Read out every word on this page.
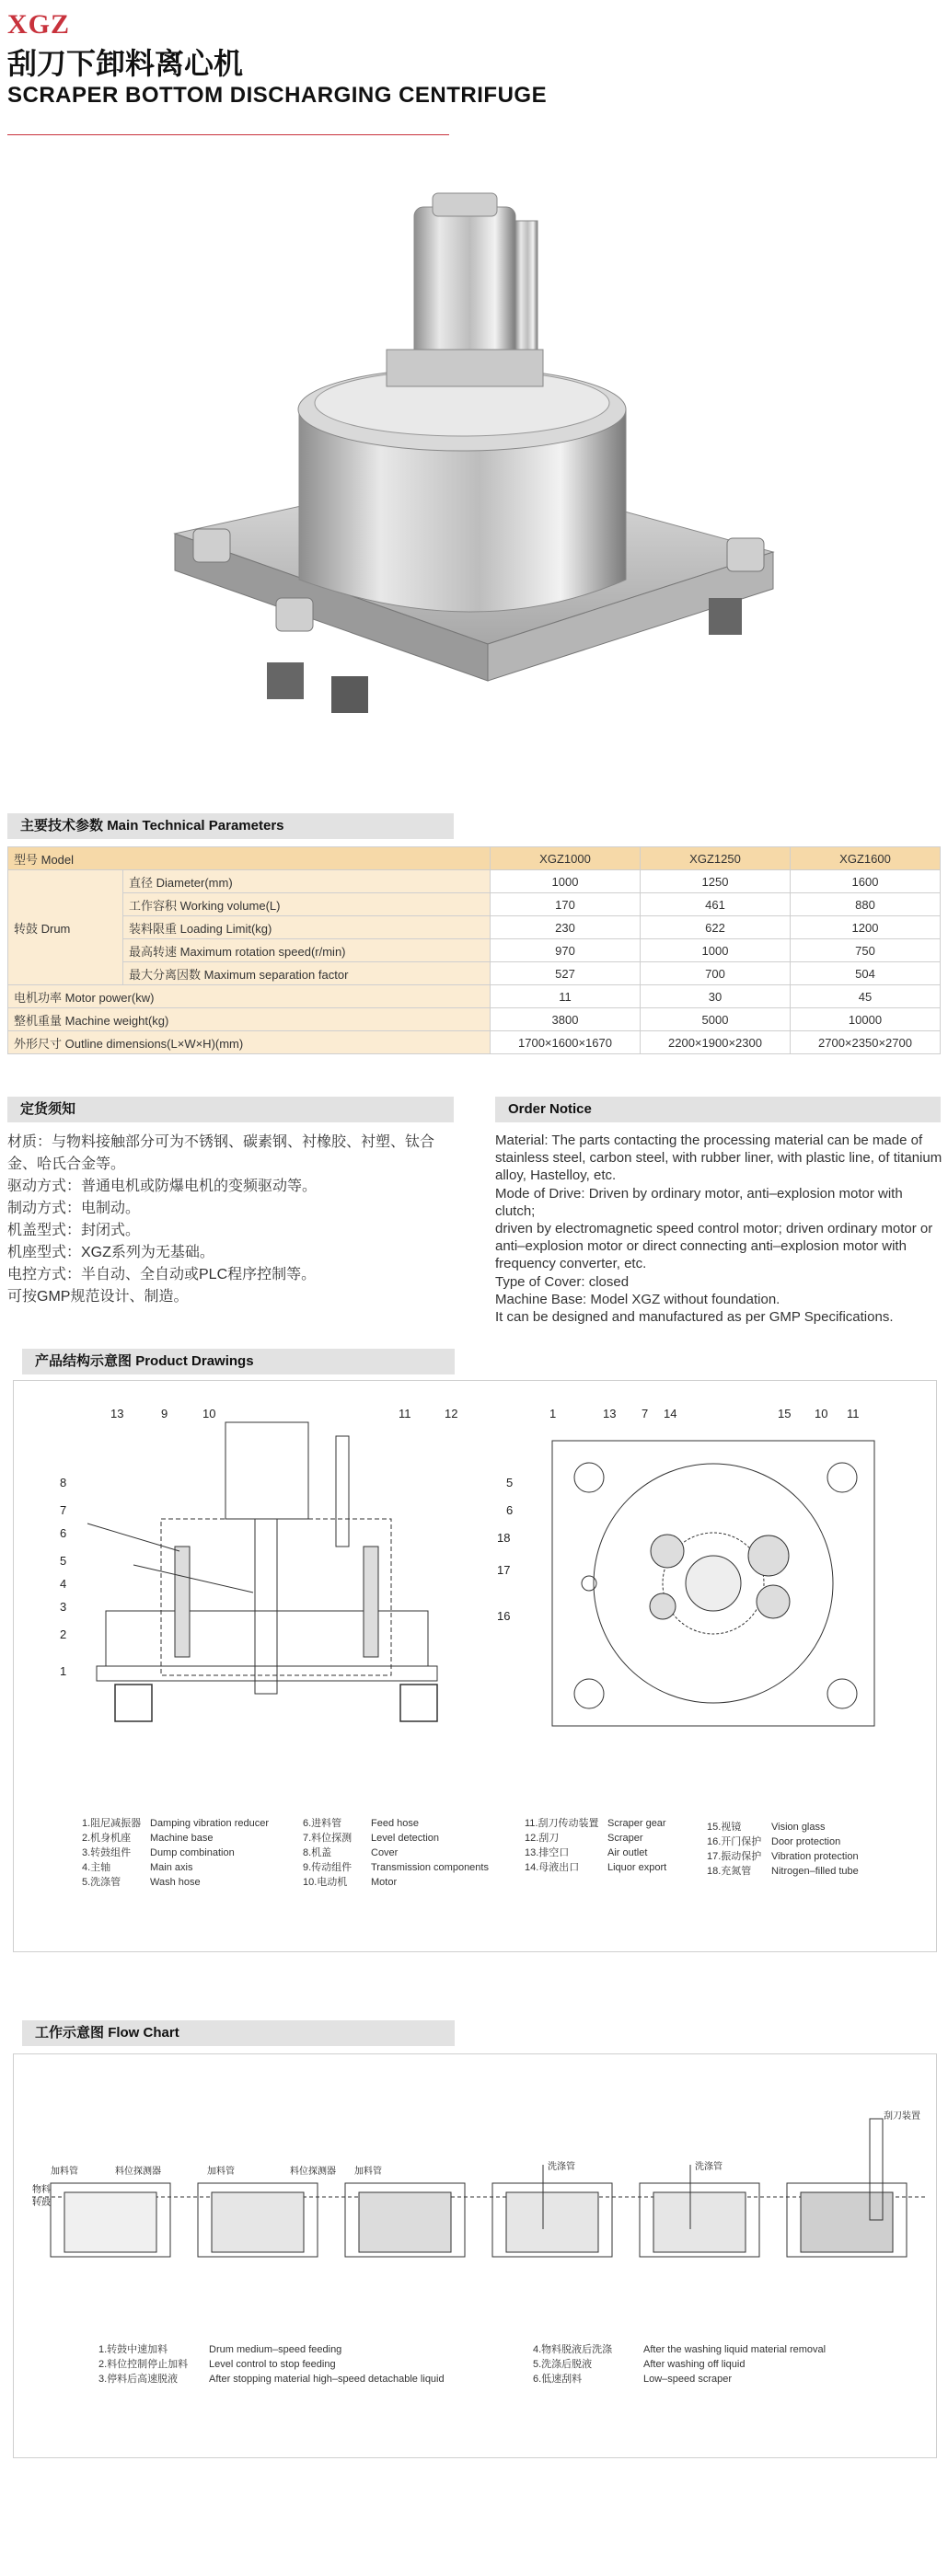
XGZ
刮刀下卸料离心机
SCRAPER BOTTOM DISCHARGING CENTRIFUGE
主要技术参数 Main Technical Parameters
型号 Model		XGZ1000	XGZ1250	XGZ1600
转鼓 Drum	直径 Diameter(mm)	1000	1250	1600
	工作容积 Working volume(L)	170	461	880
	装料限重 Loading Limit(kg)	230	622	1200
	最高转速 Maximum rotation speed(r/min)	970	1000	750
	最大分离因数 Maximum separation factor	527	700	504
电机功率 Motor power(kw)		11	30	45
整机重量 Machine weight(kg)		3800	5000	10000
外形尺寸 Outline dimensions(L×W×H)(mm)		1700×1600×1670	2200×1900×2300	2700×2350×2700
定货须知	Order Notice
材质：与物料接触部分可为不锈钢、碳素钢、衬橡胶、衬塑、钛合金、哈氏合金等。
驱动方式：普通电机或防爆电机的变频驱动等。
制动方式：电制动。
机盖型式：封闭式。
机座型式：XGZ系列为无基础。
电控方式：半自动、全自动或PLC程序控制等。
可按GMP规范设计、制造。
Material: The parts contacting the processing material can be made of stainless steel, carbon steel, with rubber liner, with plastic line, of titanium alloy, Hastelloy, etc.
Mode of Drive: Driven by ordinary motor, anti–explosion motor with clutch;
driven by electromagnetic speed control motor; driven ordinary motor or anti–explosion motor or direct connecting anti–explosion motor with frequency converter, etc.
Type of Cover: closed
Machine Base: Model XGZ without foundation.
It can be designed and manufactured as per GMP Specifications.
产品结构示意图 Product Drawings
13	9	10	11	12
8
7
6
5
4
3
2
1
1	13 7 14	15 10 11
5
6
18
17
16
1.阻尼减振器 Damping vibration reducer
2.机身机座 Machine base
3.转鼓组件 Dump combination
4.主轴	Main axis
5.洗涤管	Wash hose
6.进料管	Feed hose
7.料位探测 Level detection
8.机盖	Cover
9.传动组件 Transmission components
10.电动机 Motor
11.刮刀传动装置 Scraper gear
12.刮刀	Scraper
13.排空口	Air outlet
14.母液出口	Liquor export
15.视镜	Vision glass
16.开门保护 Door protection
17.振动保护 Vibration protection
18.充氮管 Nitrogen–filled tube
工作示意图 Flow Chart
加料管	料位探测器
物料
转鼓
加料管	料位探测器 加料管	洗涤管	洗涤管
刮刀装置
1.转鼓中速加料	Drum medium–speed feeding
2.料位控制停止加料 Level control to stop feeding
3.停料后高速脱液	After stopping material high–speed detachable liquid
4.物料脱液后洗涤	After the washing liquid material removal
5.洗涤后脱液	After washing off liquid
6.低速刮料	Low–speed scraper
